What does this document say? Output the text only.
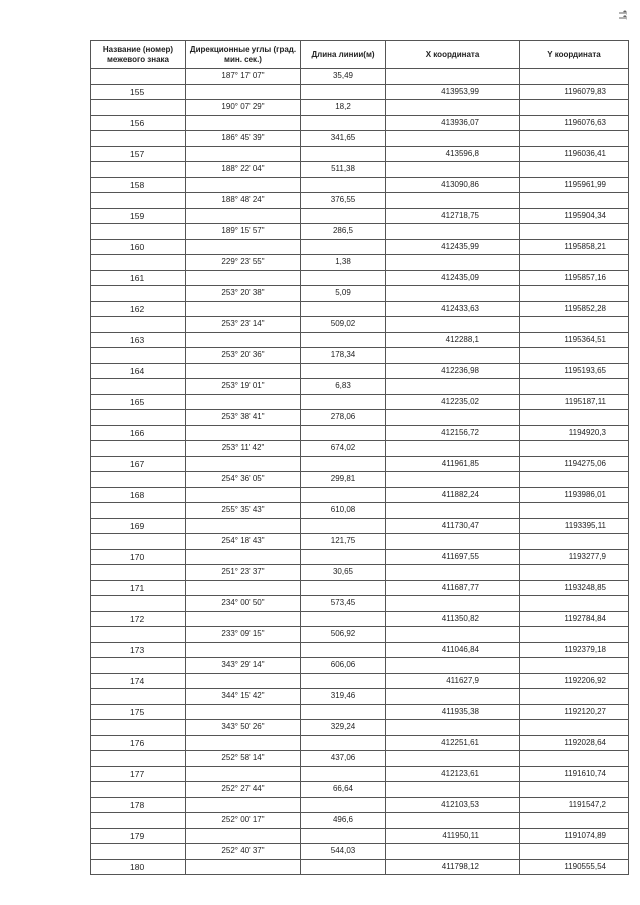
¶¶
Название (номер) межевого знака	Дирекционные углы (град. мин. сек.)	Длина линии(м)	X координата	Y координата
	187° 17' 07"	35,49		
155			413953,99	1196079,83
	190° 07' 29"	18,2		
156			413936,07	1196076,63
	186° 45' 39"	341,65		
157			413596,8	1196036,41
	188° 22' 04"	511,38		
158			413090,86	1195961,99
	188° 48' 24"	376,55		
159			412718,75	1195904,34
	189° 15' 57"	286,5		
160			412435,99	1195858,21
	229° 23' 55"	1,38		
161			412435,09	1195857,16
	253° 20' 38"	5,09		
162			412433,63	1195852,28
	253° 23' 14"	509,02		
163			412288,1	1195364,51
	253° 20' 36"	178,34		
164			412236,98	1195193,65
	253° 19' 01"	6,83		
165			412235,02	1195187,11
	253° 38' 41"	278,06		
166			412156,72	1194920,3
	253° 11' 42"	674,02		
167			411961,85	1194275,06
	254° 36' 05"	299,81		
168			411882,24	1193986,01
	255° 35' 43"	610,08		
169			411730,47	1193395,11
	254° 18' 43"	121,75		
170			411697,55	1193277,9
	251° 23' 37"	30,65		
171			411687,77	1193248,85
	234° 00' 50"	573,45		
172			411350,82	1192784,84
	233° 09' 15"	506,92		
173			411046,84	1192379,18
	343° 29' 14"	606,06		
174			411627,9	1192206,92
	344° 15' 42"	319,46		
175			411935,38	1192120,27
	343° 50' 26"	329,24		
176			412251,61	1192028,64
	252° 58' 14"	437,06		
177			412123,61	1191610,74
	252° 27' 44"	66,64		
178			412103,53	1191547,2
	252° 00' 17"	496,6		
179			411950,11	1191074,89
	252° 40' 37"	544,03		
180			411798,12	1190555,54
